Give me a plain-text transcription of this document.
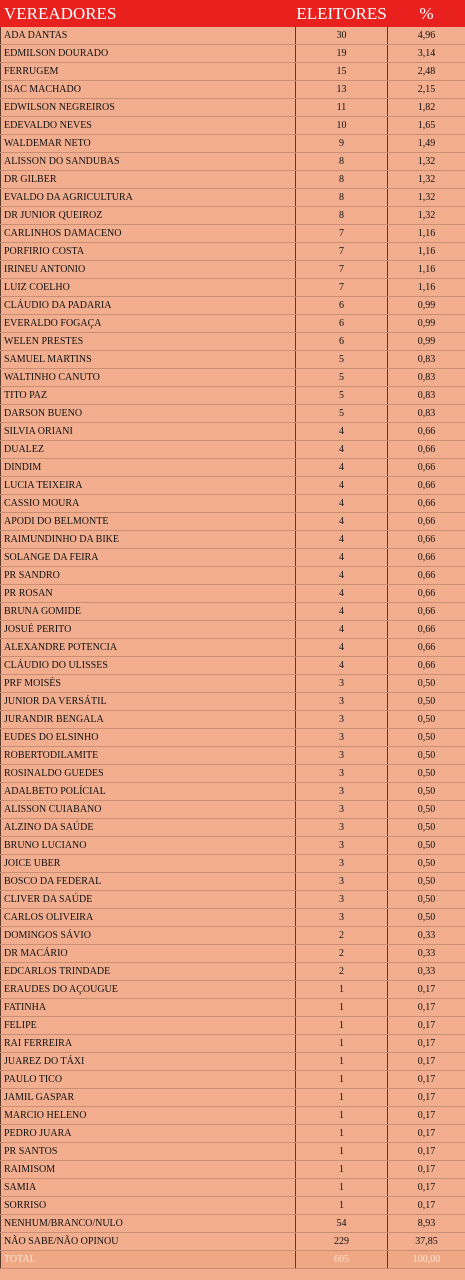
VEREADORES	ELEITORES	%
ADA DANTAS	30	4,96
EDMILSON DOURADO	19	3,14
FERRUGEM	15	2,48
ISAC MACHADO	13	2,15
EDWILSON NEGREIROS	11	1,82
EDEVALDO NEVES	10	1,65
WALDEMAR NETO	9	1,49
ALISSON DO SANDUBAS	8	1,32
DR GILBER	8	1,32
EVALDO DA AGRICULTURA	8	1,32
DR JUNIOR QUEIROZ	8	1,32
CARLINHOS DAMACENO	7	1,16
PORFIRIO COSTA	7	1,16
IRINEU ANTONIO	7	1,16
LUIZ COELHO	7	1,16
CLÁUDIO DA PADARIA	6	0,99
EVERALDO FOGAÇA	6	0,99
WELEN PRESTES	6	0,99
SAMUEL MARTINS	5	0,83
WALTINHO CANUTO	5	0,83
TITO PAZ	5	0,83
DARSON BUENO	5	0,83
SILVIA ORIANI	4	0,66
DUALEZ	4	0,66
DINDIM	4	0,66
LUCIA TEIXEIRA	4	0,66
CASSIO MOURA	4	0,66
APODI DO BELMONTE	4	0,66
RAIMUNDINHO DA BIKE	4	0,66
SOLANGE DA FEIRA	4	0,66
PR SANDRO	4	0,66
PR ROSAN	4	0,66
BRUNA GOMIDE	4	0,66
JOSUÉ PERITO	4	0,66
ALEXANDRE POTENCIA	4	0,66
CLÁUDIO DO ULISSES	4	0,66
PRF MOISÉS	3	0,50
JUNIOR DA VERSÁTIL	3	0,50
JURANDIR BENGALA	3	0,50
EUDES DO ELSINHO	3	0,50
ROBERTODILAMITE	3	0,50
ROSINALDO GUEDES	3	0,50
ADALBETO POLÍCIAL	3	0,50
ALISSON CUIABANO	3	0,50
ALZINO DA SAÚDE	3	0,50
BRUNO LUCIANO	3	0,50
JOICE UBER	3	0,50
BOSCO DA FEDERAL	3	0,50
CLIVER DA SAÚDE	3	0,50
CARLOS OLIVEIRA	3	0,50
DOMINGOS SÁVIO	2	0,33
DR MACÁRIO	2	0,33
EDCARLOS TRINDADE	2	0,33
ERAUDES DO AÇOUGUE	1	0,17
FATINHA	1	0,17
FELIPE	1	0,17
RAI FERREIRA	1	0,17
JUAREZ DO TÁXI	1	0,17
PAULO TICO	1	0,17
JAMIL GASPAR	1	0,17
MARCIO HELENO	1	0,17
PEDRO JUARA	1	0,17
PR SANTOS	1	0,17
RAIMISOM	1	0,17
SAMIA	1	0,17
SORRISO	1	0,17
NENHUM/BRANCO/NULO	54	8,93
NÃO SABE/NÃO OPINOU	229	37,85
TOTAL	605	100,00
